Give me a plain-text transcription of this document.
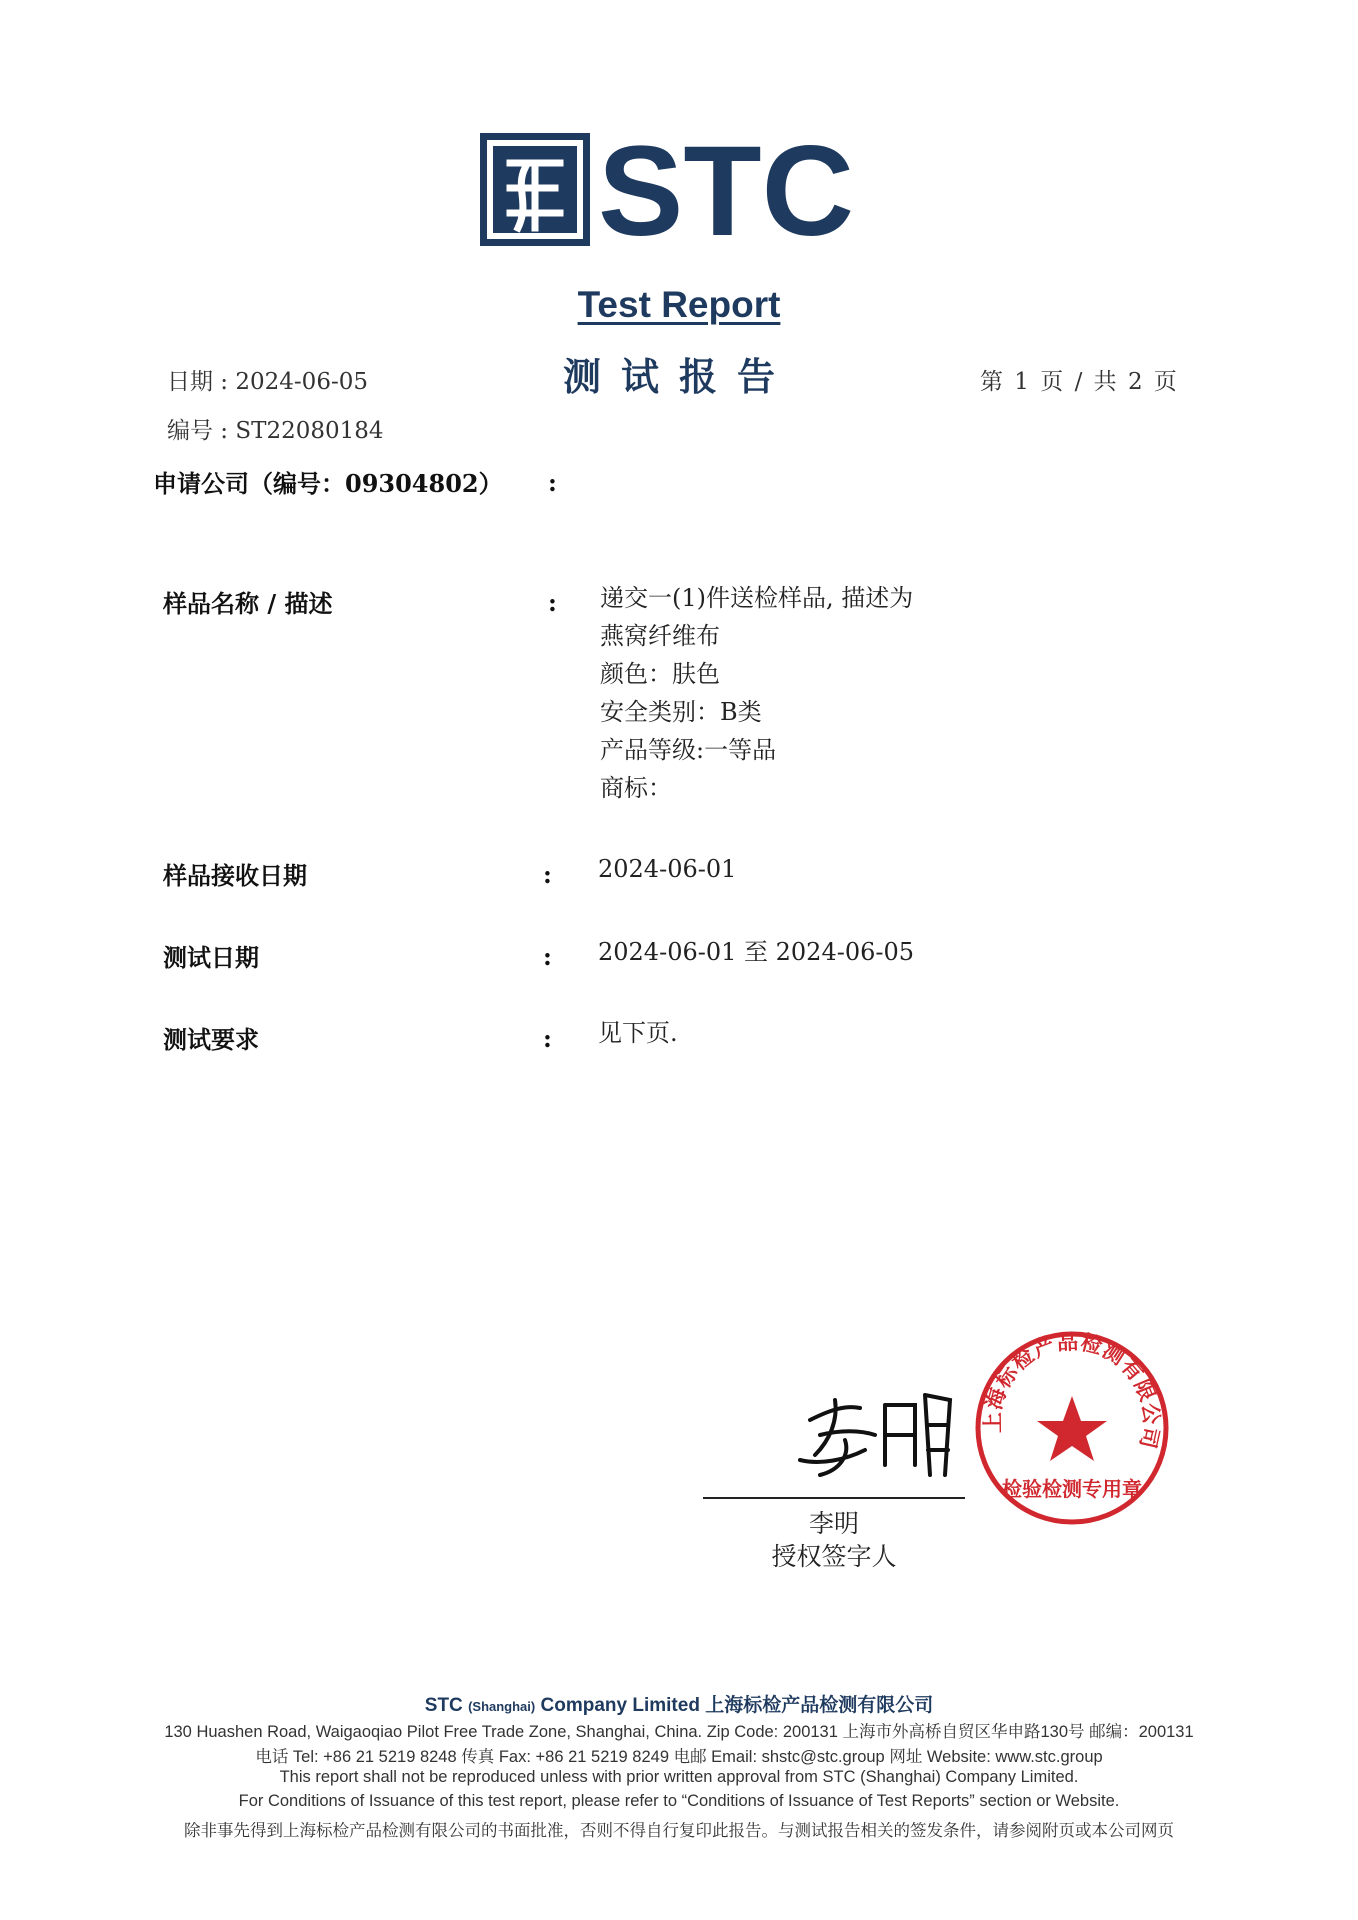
STC
Test Report
测试报告
日期 : 2024-06-05
编号 : ST22080184
第 1 页 / 共 2 页
申请公司（编号：09304802） :
样品名称 / 描述	: 递交一(1)件送检样品, 描述为
燕窝纤维布
颜色：肤色
安全类别：B类
产品等级:一等品
商标：
样品接收日期	: 2024-06-01
测试日期	: 2024-06-01 至 2024-06-05
测试要求	: 见下页.
上海标检产品检测有限公司
检验检测专用章
李明
授权签字人
STC (Shanghai) Company Limited 上海标检产品检测有限公司
130 Huashen Road, Waigaoqiao Pilot Free Trade Zone, Shanghai, China. Zip Code: 200131 上海市外高桥自贸区华申路130号 邮编：200131
电话 Tel: +86 21 5219 8248 传真 Fax: +86 21 5219 8249 电邮 Email: shstc@stc.group 网址 Website: www.stc.group
This report shall not be reproduced unless with prior written approval from STC (Shanghai) Company Limited.
For Conditions of Issuance of this test report, please refer to “Conditions of Issuance of Test Reports” section or Website.
除非事先得到上海标检产品检测有限公司的书面批准，否则不得自行复印此报告。与测试报告相关的签发条件，请参阅附页或本公司网页
